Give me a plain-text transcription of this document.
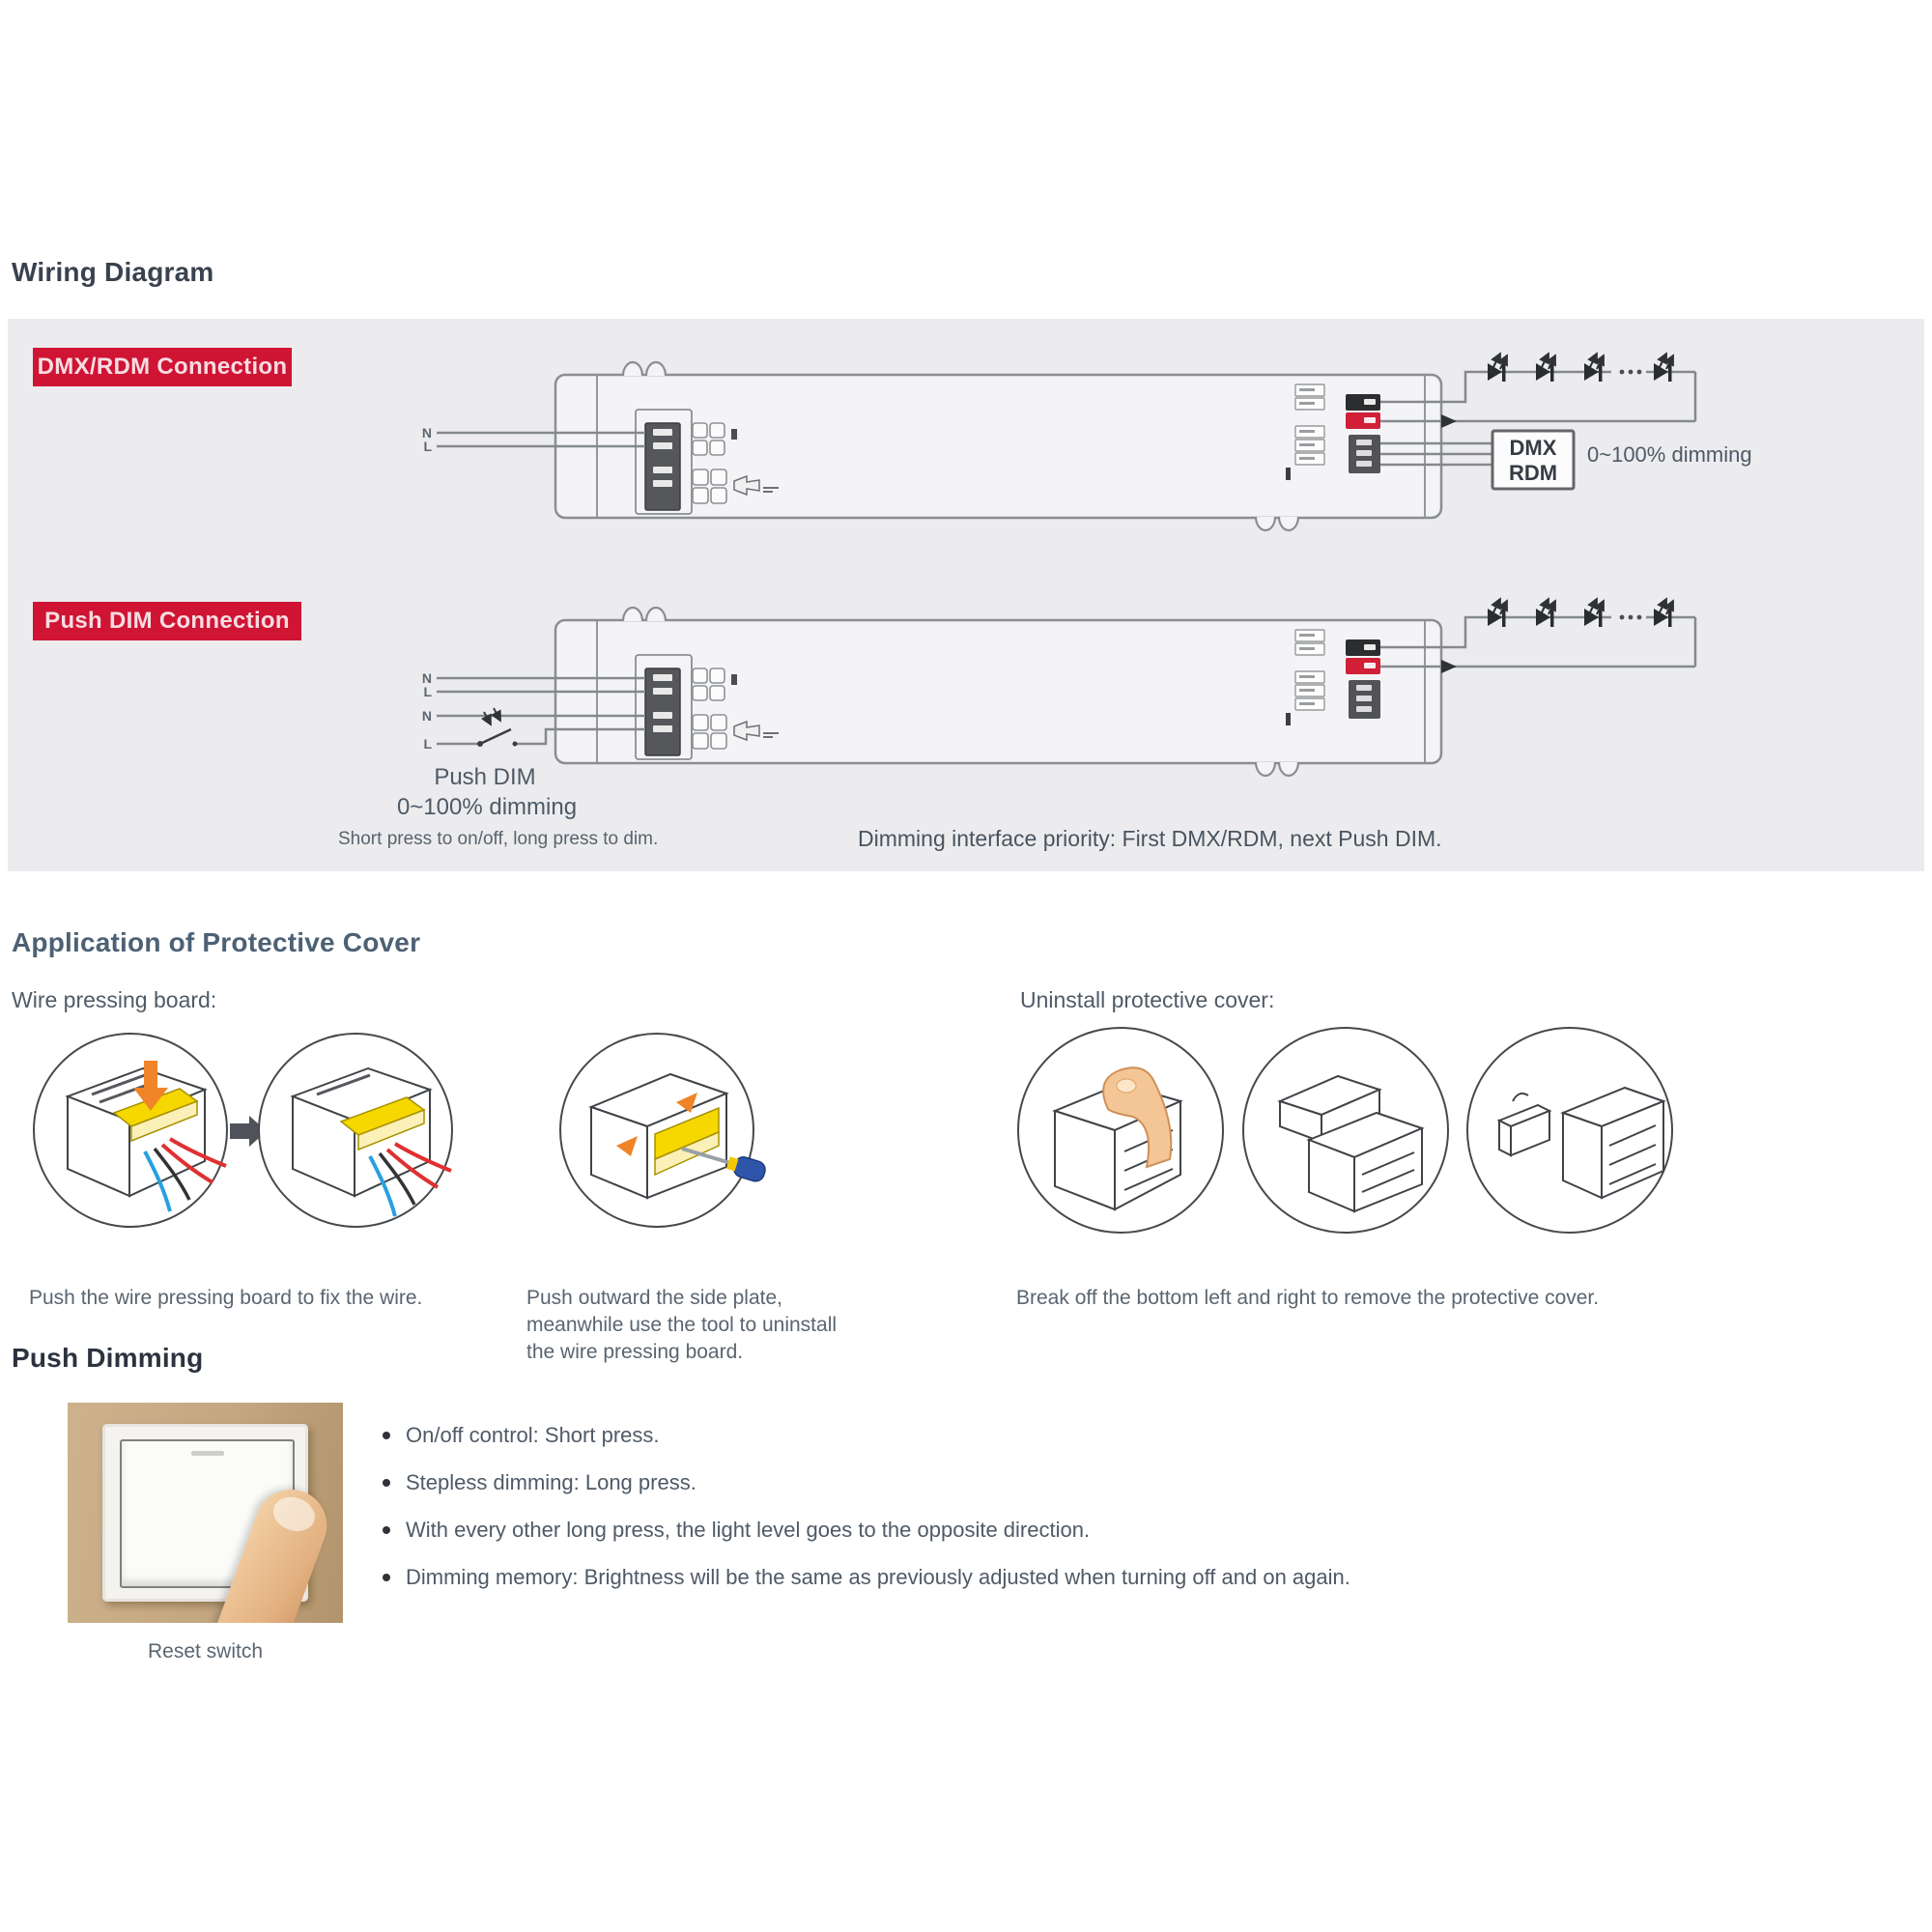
Wiring Diagram
DMX/RDM Connection
Push DIM Connection
N
L	DMX
RDM
0~100% dimming
N
L
N
L
Push DIM
0~100% dimming
Short press to on/off, long press to dim.	Dimming interface priority: First DMX/RDM, next Push DIM.
Application of Protective Cover
Wire pressing board:	Uninstall protective cover:
Push the wire pressing board to fix the wire.	Push outward the side plate,
meanwhile use the tool to uninstall
the wire pressing board.
Break off the bottom left and right to remove the protective cover.
Push Dimming
Reset switch
On/off control: Short press.
Stepless dimming: Long press.
With every other long press, the light level goes to the opposite direction.
Dimming memory: Brightness will be the same as previously adjusted when turning off and on again.
